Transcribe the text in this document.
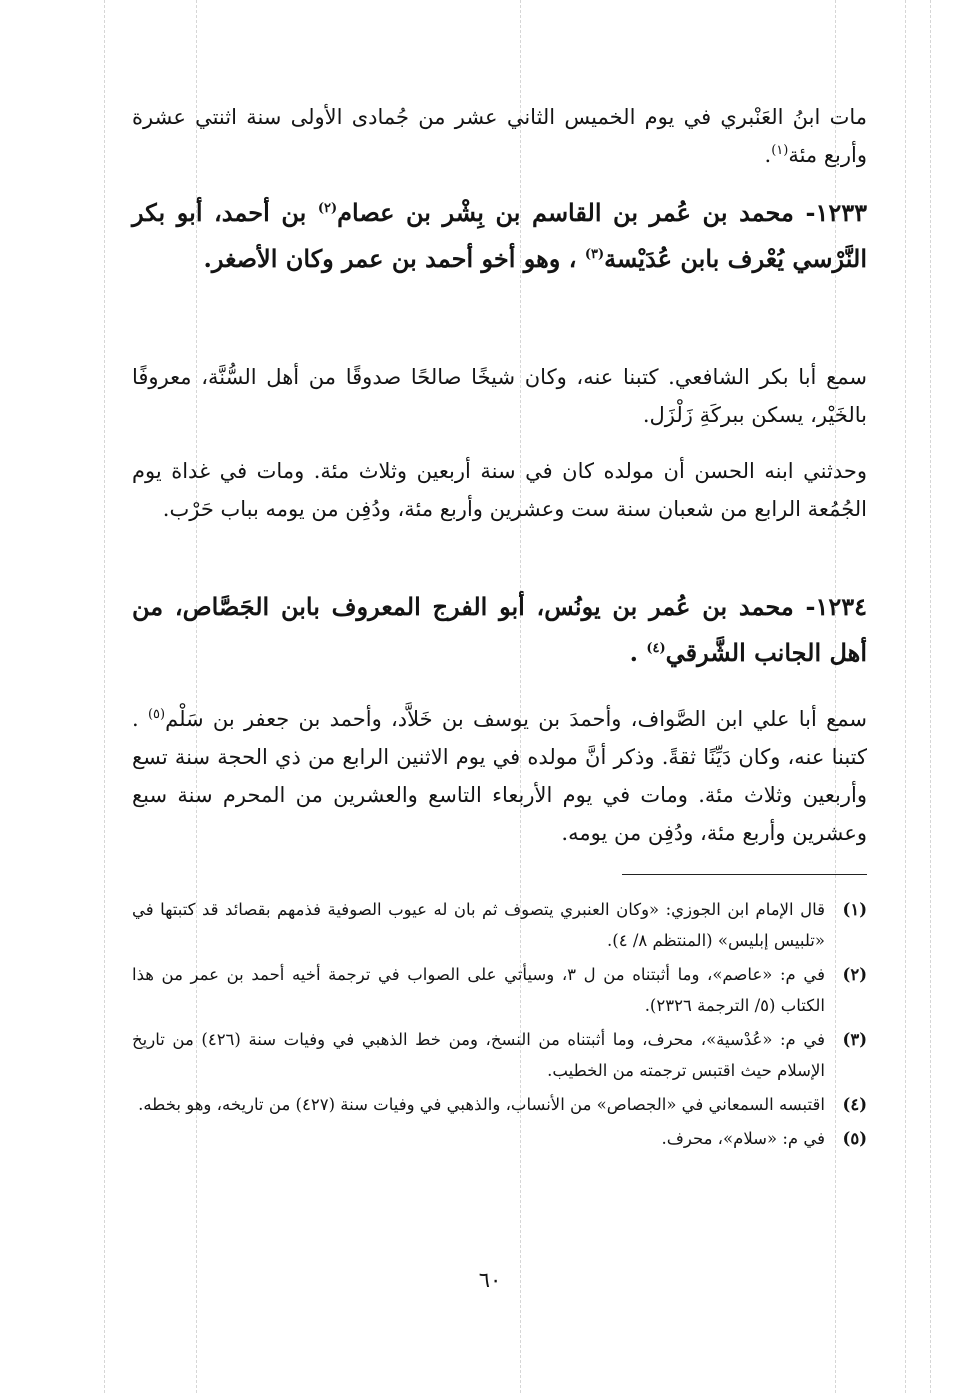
مات ابنُ العَنْبري في يوم الخميس الثاني عشر من جُمادى الأولى سنة اثنتي عشرة وأربع مئة$^{(١)}$.

١٢٣٣- محمد بن عُمر بن القاسم بن بِشْر بن عصام$^{(٢)}$ بن أحمد، أبو بكر النَّرْسي يُعْرف بابن عُدَيْسة$^{(٣)}$ ، وهو أخو أحمد بن عمر وكان الأصغر.

سمع أبا بكر الشافعي. كتبنا عنه، وكان شيخًا صالحًا صدوقًا من أهل السُّنَّة، معروفًا بالخَيْر، يسكن ببركَةِ زَلْزَل.

وحدثني ابنه الحسن أن مولده كان في سنة أربعين وثلاث مئة. ومات في غداة يوم الجُمُعة الرابع من شعبان سنة ست وعشرين وأربع مئة، ودُفِن من يومه بباب حَرْب.

١٢٣٤- محمد بن عُمر بن يونُس، أبو الفرج المعروف بابن الجَصَّاص، من أهل الجانب الشَّرقي$^{(٤)}$ .

سمع أبا علي ابن الصَّواف، وأحمدَ بن يوسف بن خَلاَّد، وأحمد بن جعفر بن سَلْم$^{(٥)}$ . كتبنا عنه، وكان دَيِّنًا ثقةً. وذكر أنَّ مولده في يوم الاثنين الرابع من ذي الحجة سنة تسع وأربعين وثلاث مئة. ومات في يوم الأربعاء التاسع والعشرين من المحرم سنة سبع وعشرين وأربع مئة، ودُفِن من يومه.

(١)
قال الإمام ابن الجوزي: «وكان العنبري يتصوف ثم بان له عيوب الصوفية فذمهم بقصائد قد كتبتها في «تلبيس إبليس» (المنتظم ٨/ ٤).
(٢)
في م: «عاصم»، وما أثبتناه من ل ٣، وسيأتي على الصواب في ترجمة أخيه أحمد بن عمر من هذا الكتاب (٥/ الترجمة ٢٣٢٦).
(٣)
في م: «عُدْسية»، محرف، وما أثبتناه من النسخ، ومن خط الذهبي في وفيات سنة (٤٢٦) من تاريخ الإسلام حيث اقتبس ترجمته من الخطيب.
(٤)
اقتبسه السمعاني في «الجصاص» من الأنساب، والذهبي في وفيات سنة (٤٢٧) من تاريخه، وهو بخطه.
(٥)
في م: «سلام»، محرف.
٦٠
